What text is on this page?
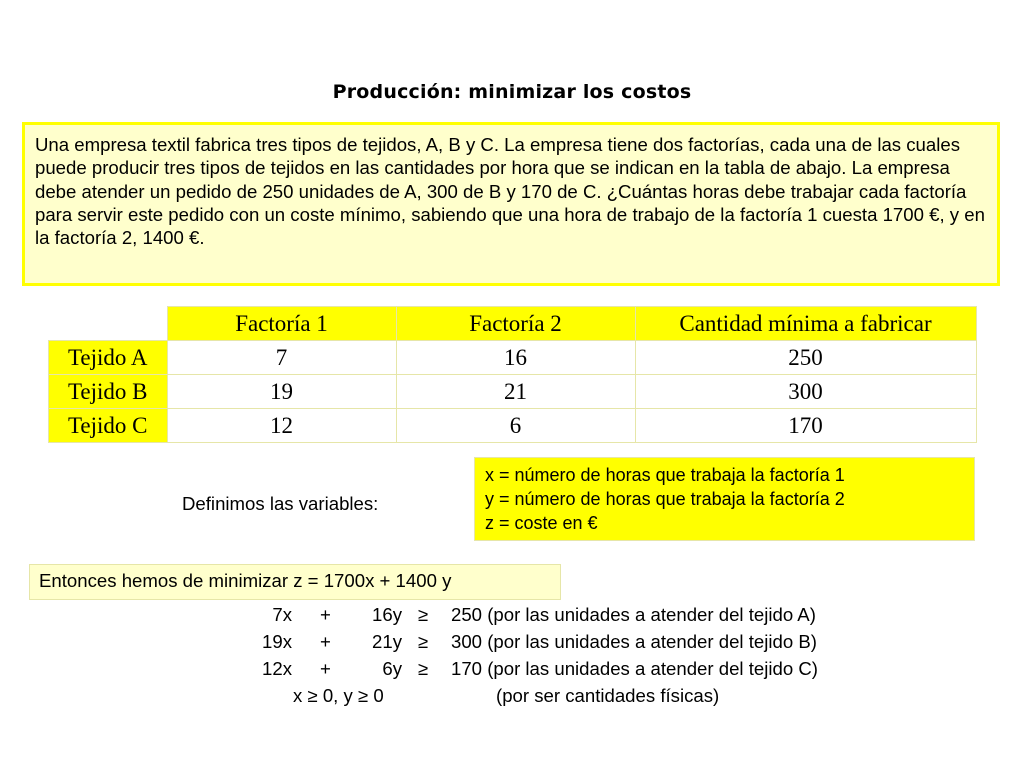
Producción: minimizar los costos
Una empresa textil fabrica tres tipos de tejidos, A, B y C. La empresa tiene dos factorías, cada una de las cuales puede producir tres tipos de tejidos en las cantidades por hora que se indican en la tabla de abajo. La empresa debe atender un pedido de 250 unidades de A, 300 de B y 170 de C. ¿Cuántas horas debe trabajar cada factoría para servir este pedido con un coste mínimo, sabiendo que una hora de trabajo de la factoría 1 cuesta 1700 €, y en la factoría 2, 1400 €.
	Factoría 1	Factoría 2	Cantidad mínima a fabricar
Tejido A	7	16	250
Tejido B	19	21	300
Tejido C	12	6	170
Definimos las variables:
x = número de horas que trabaja la factoría 1
y = número de horas que trabaja la factoría 2
z = coste en €
Entonces hemos de minimizar z = 1700x + 1400 y
7x +	16y ≥ 250 (por las unidades a atender del tejido A)
19x +	21y ≥ 300 (por las unidades a atender del tejido B)
12x +	6y ≥ 170 (por las unidades a atender del tejido C)
x ≥ 0, y ≥ 0	(por ser cantidades físicas)
